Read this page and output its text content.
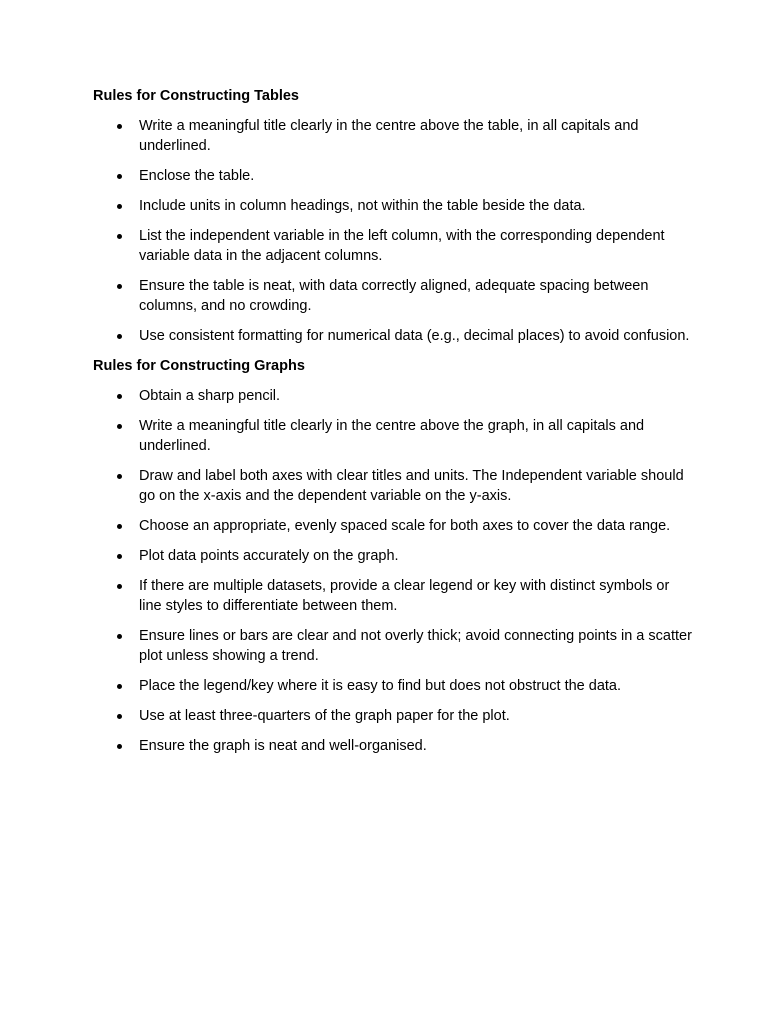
Rules for Constructing Tables
Write a meaningful title clearly in the centre above the table, in all capitals and underlined.
Enclose the table.
Include units in column headings, not within the table beside the data.
List the independent variable in the left column, with the corresponding dependent variable data in the adjacent columns.
Ensure the table is neat, with data correctly aligned, adequate spacing between columns, and no crowding.
Use consistent formatting for numerical data (e.g., decimal places) to avoid confusion.
Rules for Constructing Graphs
Obtain a sharp pencil.
Write a meaningful title clearly in the centre above the graph, in all capitals and underlined.
Draw and label both axes with clear titles and units. The Independent variable should go on the x-axis and the dependent variable on the y-axis.
Choose an appropriate, evenly spaced scale for both axes to cover the data range.
Plot data points accurately on the graph.
If there are multiple datasets, provide a clear legend or key with distinct symbols or line styles to differentiate between them.
Ensure lines or bars are clear and not overly thick; avoid connecting points in a scatter plot unless showing a trend.
Place the legend/key where it is easy to find but does not obstruct the data.
Use at least three-quarters of the graph paper for the plot.
Ensure the graph is neat and well-organised.
